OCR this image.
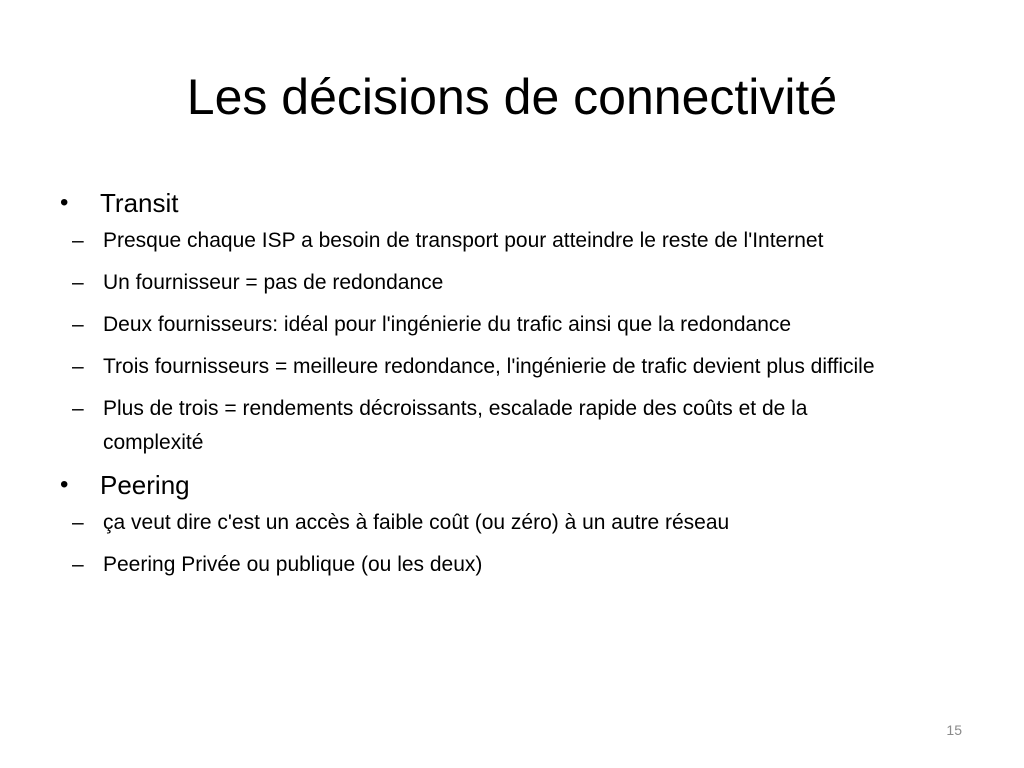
Les décisions de connectivité
• Transit
– Presque chaque ISP a besoin de transport pour atteindre le reste de l'Internet
– Un fournisseur = pas de redondance
– Deux fournisseurs: idéal pour l'ingénierie du trafic ainsi que la redondance
– Trois fournisseurs = meilleure redondance, l'ingénierie de trafic devient plus difficile
– Plus de trois = rendements décroissants, escalade rapide des coûts et de la complexité
• Peering
– ça veut dire c'est un accès à faible coût (ou zéro) à un autre réseau
– Peering Privée ou publique (ou les deux)
15
